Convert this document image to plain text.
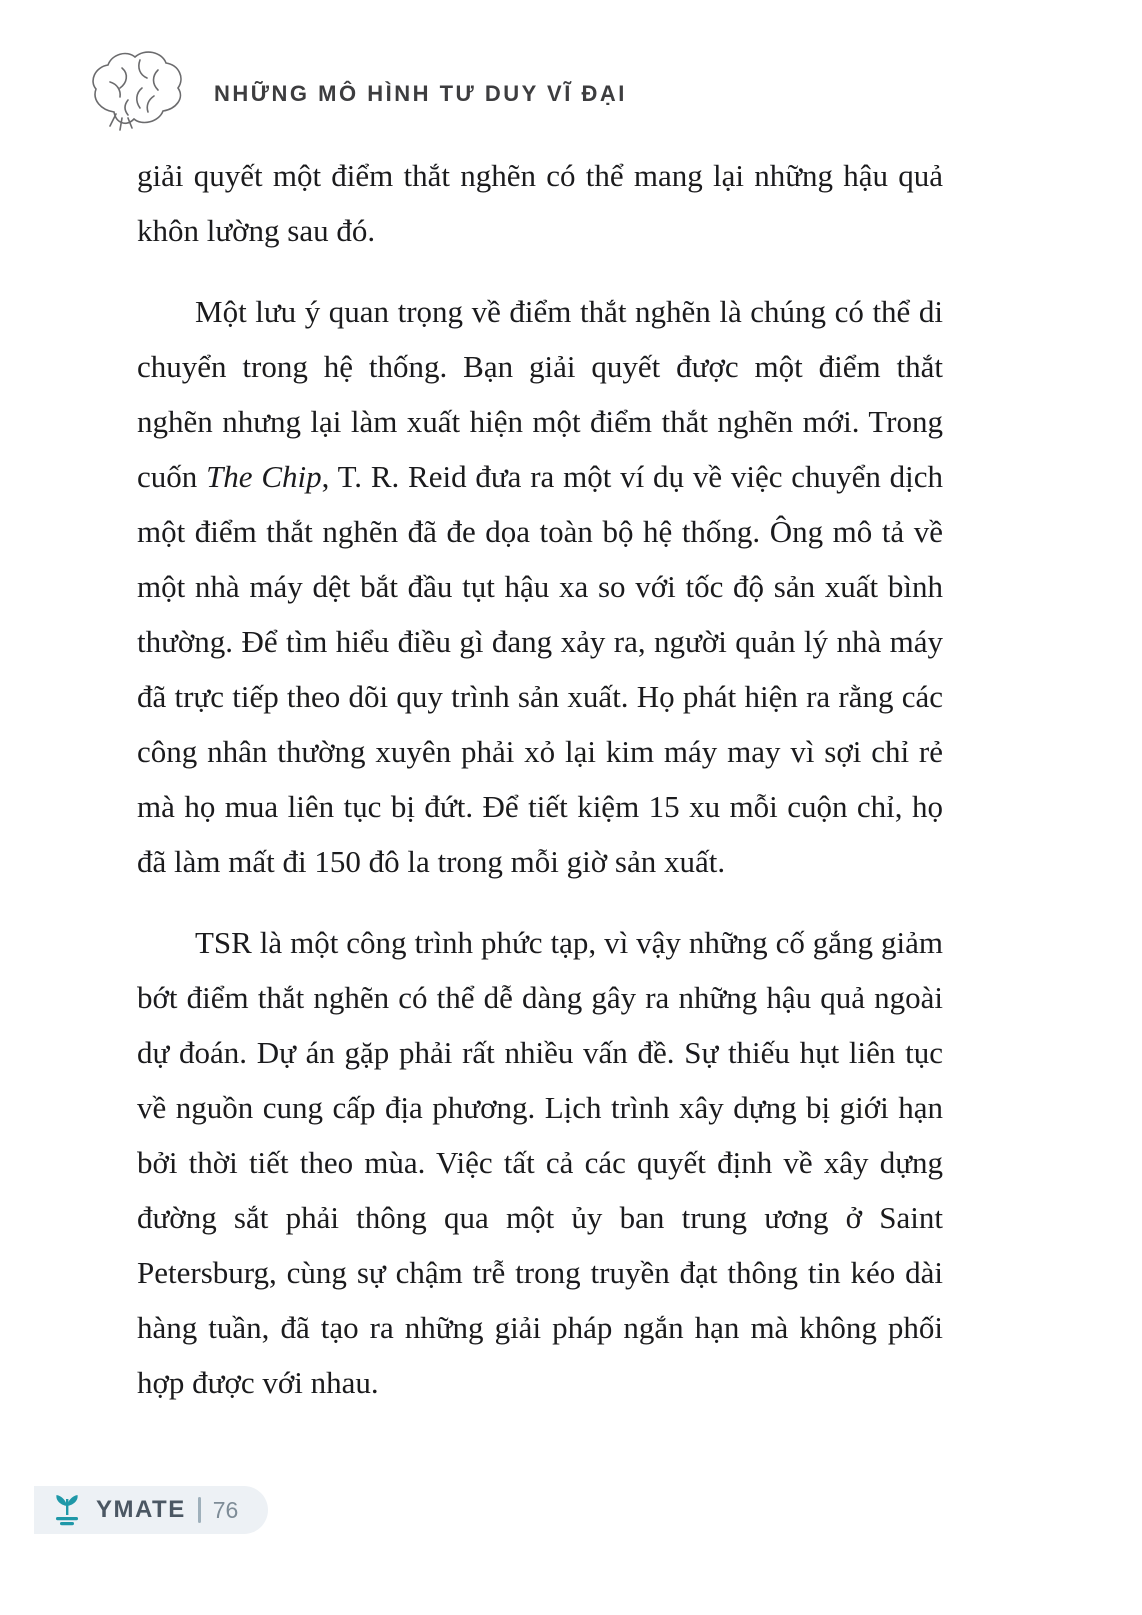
NHỮNG MÔ HÌNH TƯ DUY VĨ ĐẠI

giải quyết một điểm thắt nghẽn có thể mang lại những hậu quả khôn lường sau đó.

Một lưu ý quan trọng về điểm thắt nghẽn là chúng có thể di chuyển trong hệ thống. Bạn giải quyết được một điểm thắt nghẽn nhưng lại làm xuất hiện một điểm thắt nghẽn mới. Trong cuốn The Chip, T. R. Reid đưa ra một ví dụ về việc chuyển dịch một điểm thắt nghẽn đã đe dọa toàn bộ hệ thống. Ông mô tả về một nhà máy dệt bắt đầu tụt hậu xa so với tốc độ sản xuất bình thường. Để tìm hiểu điều gì đang xảy ra, người quản lý nhà máy đã trực tiếp theo dõi quy trình sản xuất. Họ phát hiện ra rằng các công nhân thường xuyên phải xỏ lại kim máy may vì sợi chỉ rẻ mà họ mua liên tục bị đứt. Để tiết kiệm 15 xu mỗi cuộn chỉ, họ đã làm mất đi 150 đô la trong mỗi giờ sản xuất.

TSR là một công trình phức tạp, vì vậy những cố gắng giảm bớt điểm thắt nghẽn có thể dễ dàng gây ra những hậu quả ngoài dự đoán. Dự án gặp phải rất nhiều vấn đề. Sự thiếu hụt liên tục về nguồn cung cấp địa phương. Lịch trình xây dựng bị giới hạn bởi thời tiết theo mùa. Việc tất cả các quyết định về xây dựng đường sắt phải thông qua một ủy ban trung ương ở Saint Petersburg, cùng sự chậm trễ trong truyền đạt thông tin kéo dài hàng tuần, đã tạo ra những giải pháp ngắn hạn mà không phối hợp được với nhau.

YMATE 76
